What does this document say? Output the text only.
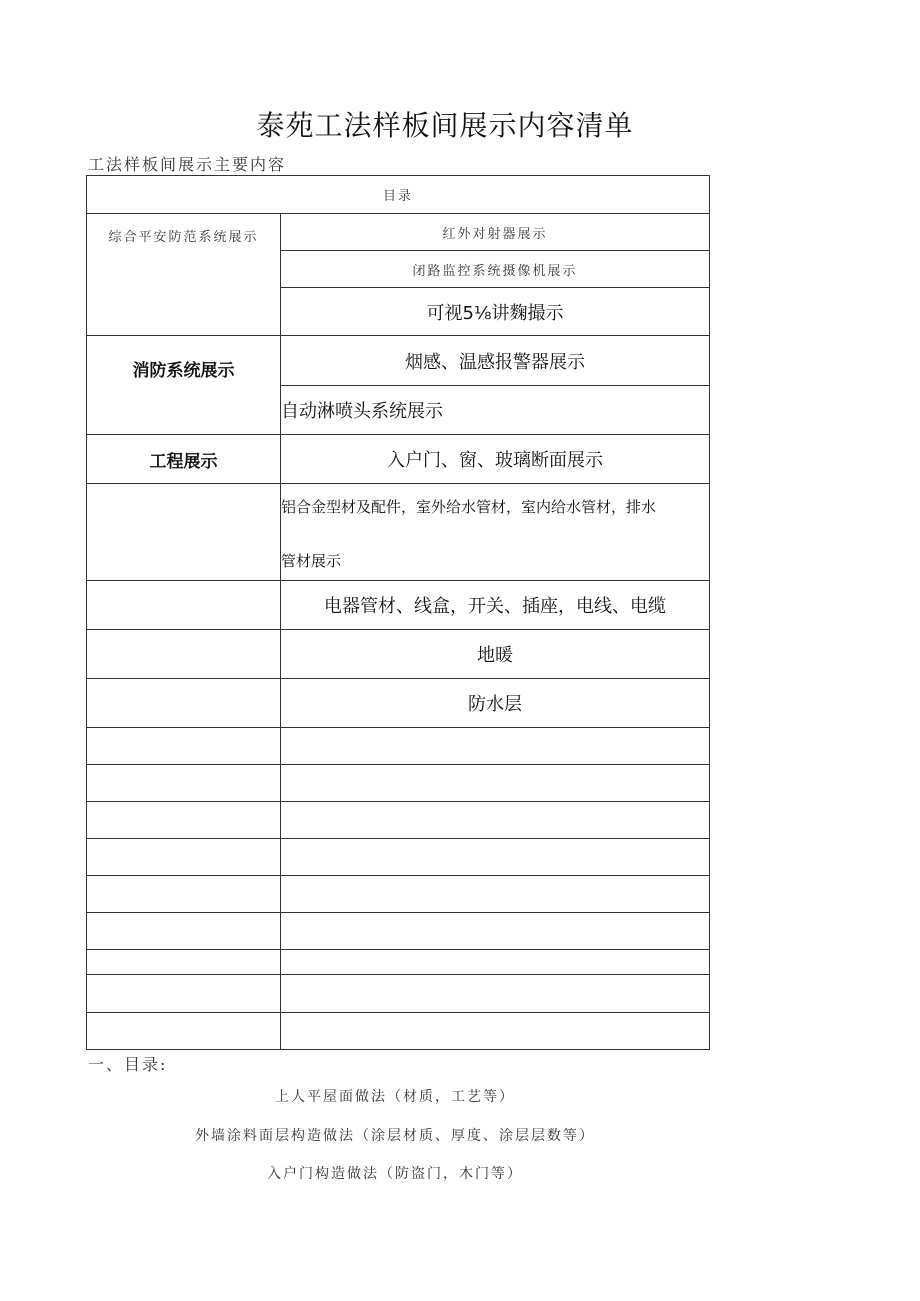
泰苑工法样板间展示内容清单
工法样板间展示主要内容
目录	
综合平安防范系统展示	红外对射器展示
	闭路监控系统摄像机展示
	可视5⅛讲麴撮示
消防系统展示	烟感、温感报警器展示
	自动淋喷头系统展示
工程展示	入户门、窗、玻璃断面展示

	铝合金型材及配件，室外给水管材，室内给水管材，排水
管材展示

	电器管材、线盒，开关、插座，电线、电缆
	地暖
	防水层

一、目录:
上人平屋面做法（材质，工艺等）
外墙涂料面层构造做法（涂层材质、厚度、涂层层数等）
入户门构造做法（防盗门，木门等）
